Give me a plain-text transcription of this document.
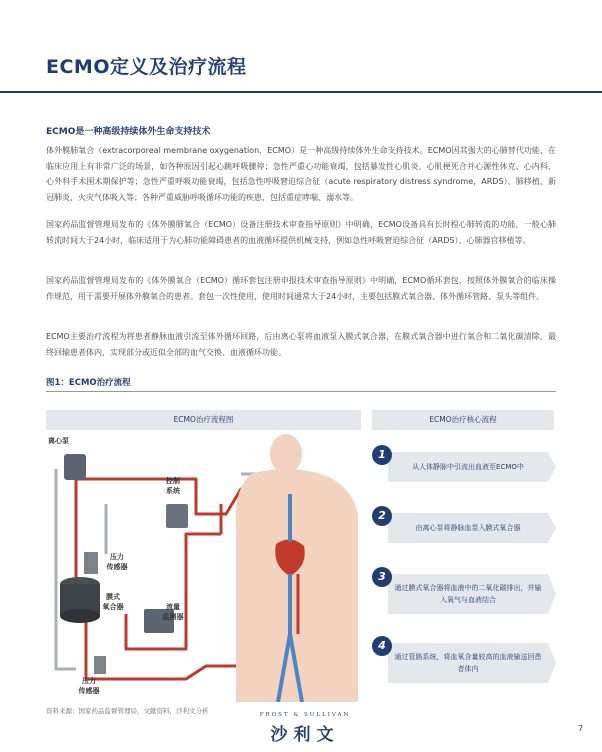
ECMO定义及治疗流程
ECMO是一种高级持续体外生命支持技术
体外膜肺氧合（extracorporeal membrane oxygenation，ECMO）是一种高级持续体外生命支持技术。ECMO因其强大的心肺替代功能，在临床应用上有非常广泛的场景，如各种原因引起心跳呼吸骤停；急性严重心功能衰竭，包括暴发性心肌炎、心肌梗死合并心源性休克、心内科、心外科手术围术期保护等；急性严重呼吸功能衰竭，包括急性呼吸窘迫综合征（acute respiratory distress syndrome，ARDS）、肺移植、新冠肺炎，火灾气体吸入等；各种严重威胁呼吸循环功能的疾患，包括重症哮喘、溺水等。
国家药品监督管理局发布的《体外膜肺氧合（ECMO）设备注册技术审查指导原则》中明确，ECMO设备具有长时程心肺转流的功能，一般心肺转流时间大于24小时，临床适用于为心肺功能障碍患者的血液循环提供机械支持，例如急性呼吸窘迫综合征（ARDS）、心肺器官移植等。
国家药品监督管理局发布的《体外膜氧合（ECMO）循环套包注册申报技术审查指导原则》中明确，ECMO循环套包，按照体外膜氧合的临床操作规范，用于需要开展体外膜氧合的患者。套包一次性使用，使用时间通常大于24小时，主要包括膜式氧合器、体外循环管路、泵头等组件。
ECMO主要治疗流程为将患者静脉血液引流至体外循环回路，后由离心泵将血液泵入膜式氧合器，在膜式氧合器中进行氧合和二氧化碳清除，最终回输患者体内，实现部分或近似全部的血气交换、血液循环功能。
图1：ECMO治疗流程
ECMO治疗流程图	ECMO治疗核心流程
离心泵
控制
系统
压力
传感器
膜式
氧合器	流量
监测器
压力
传感器
1
从人体静脉中引流出血液至ECMO中
2
由离心泵将静脉血泵入膜式氧合器
3
通过膜式氧合器将血液中的二氧化碳排出，并输入氧气与血液结合
4
通过管路系统，将血氧含量较高的血液输送回患者体内
资料来源：国家药品监督管理局，文献资料，沙利文分析	FROST & SULLIVAN
沙利文	7
